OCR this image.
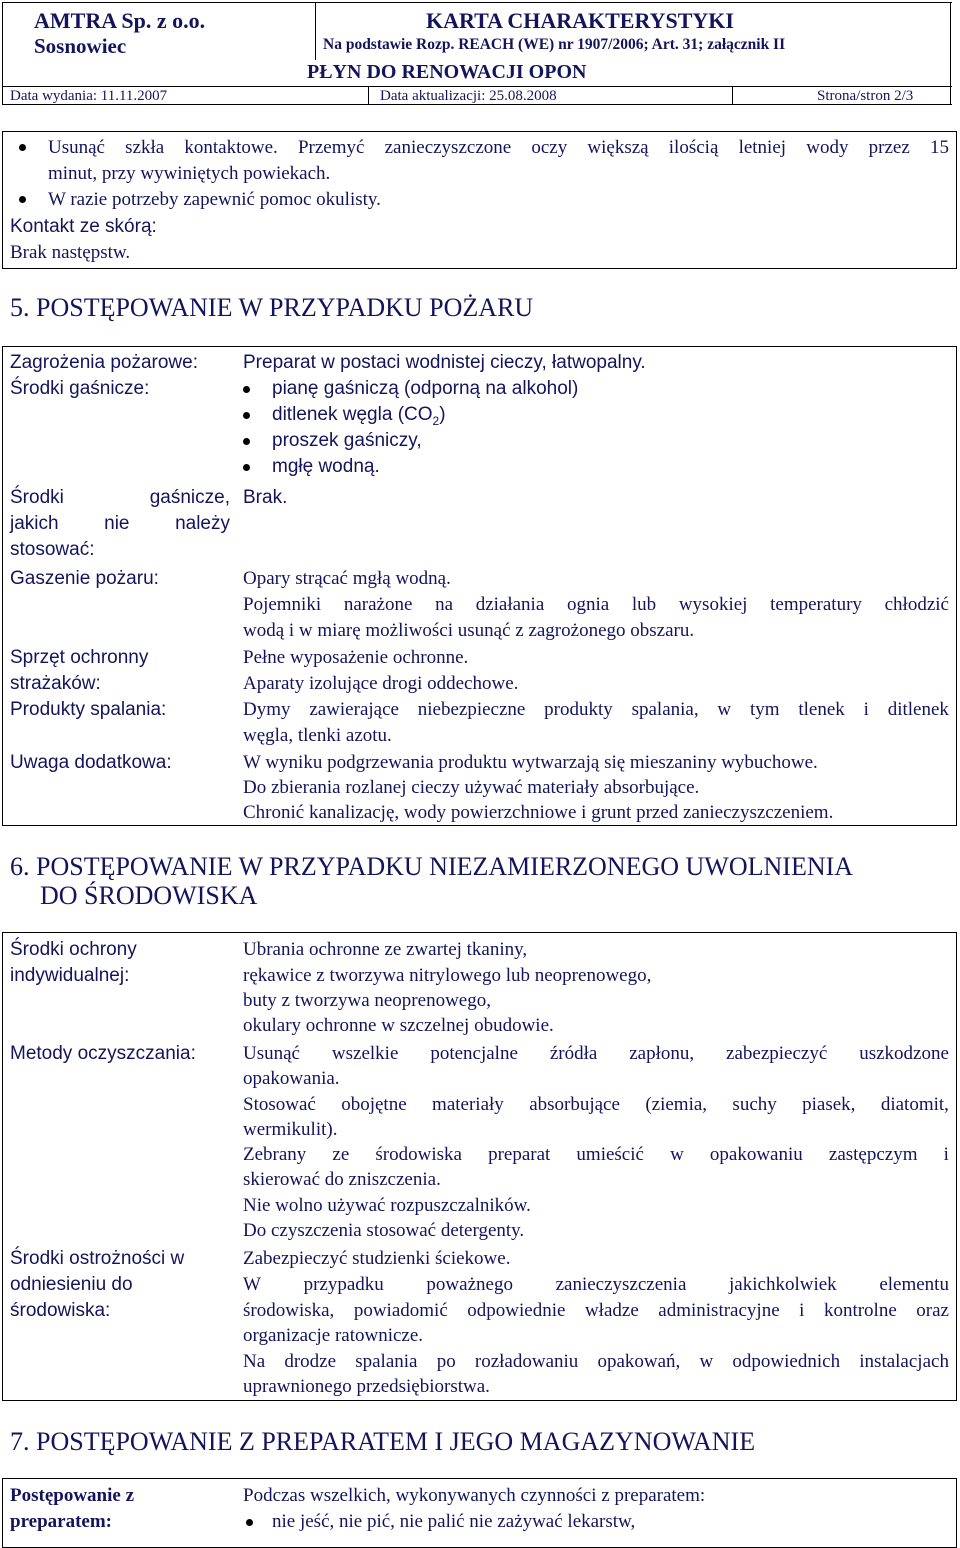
AMTRA Sp. z o.o.
Sosnowiec
KARTA CHARAKTERYSTYKI
Na podstawie Rozp. REACH (WE) nr 1907/2006; Art. 31; załącznik II
PŁYN DO RENOWACJI OPON
Data wydania: 11.11.2007	Data aktualizacji: 25.08.2008	Strona/stron 2/3
Usunąć szkła kontaktowe. Przemyć zanieczyszczone oczy większą ilością letniej wody przez 15
minut, przy wywiniętych powiekach.
W razie potrzeby zapewnić pomoc okulisty.
Kontakt ze skórą:
Brak następstw.
5. POSTĘPOWANIE W PRZYPADKU POŻARU
Zagrożenia pożarowe: Preparat w postaci wodnistej cieczy, łatwopalny.
Środki gaśnicze:	pianę gaśniczą (odporną na alkohol)
ditlenek węgla $(CO_2)$
proszek gaśniczy,
mgłę wodną.
Środki	gaśnicze,
jakich nie należy
stosować:
Brak.
Gaszenie pożaru:	Opary strącać mgłą wodną.
Pojemniki narażone na działania ognia lub wysokiej temperatury chłodzić
wodą i w miarę możliwości usunąć z zagrożonego obszaru.
Sprzęt ochronny
strażaków:
Pełne wyposażenie ochronne.
Aparaty izolujące drogi oddechowe.
Produkty spalania:	Dymy zawierające niebezpieczne produkty spalania, w tym tlenek i ditlenek
węgla, tlenki azotu.
Uwaga dodatkowa:	W wyniku podgrzewania produktu wytwarzają się mieszaniny wybuchowe.
Do zbierania rozlanej cieczy używać materiały absorbujące.
Chronić kanalizację, wody powierzchniowe i grunt przed zanieczyszczeniem.
6. POSTĘPOWANIE W PRZYPADKU NIEZAMIERZONEGO UWOLNIENIA
DO ŚRODOWISKA
Środki ochrony
indywidualnej:
Ubrania ochronne ze zwartej tkaniny,
rękawice z tworzywa nitrylowego lub neoprenowego,
buty z tworzywa neoprenowego,
okulary ochronne w szczelnej obudowie.
Metody oczyszczania: Usunąć wszelkie potencjalne źródła zapłonu, zabezpieczyć uszkodzone
opakowania.
Stosować obojętne materiały absorbujące (ziemia, suchy piasek, diatomit,
wermikulit).
Zebrany ze środowiska preparat umieścić w opakowaniu zastępczym i
skierować do zniszczenia.
Nie wolno używać rozpuszczalników.
Do czyszczenia stosować detergenty.
Środki ostrożności w
odniesieniu do
środowiska:
Zabezpieczyć studzienki ściekowe.
W przypadku poważnego zanieczyszczenia jakichkolwiek elementu
środowiska, powiadomić odpowiednie władze administracyjne i kontrolne oraz
organizacje ratownicze.
Na drodze spalania po rozładowaniu opakowań, w odpowiednich instalacjach
uprawnionego przedsiębiorstwa.
7. POSTĘPOWANIE Z PREPARATEM I JEGO MAGAZYNOWANIE
Postępowanie z
preparatem:
Podczas wszelkich, wykonywanych czynności z preparatem:
nie jeść, nie pić, nie palić nie zażywać lekarstw,
